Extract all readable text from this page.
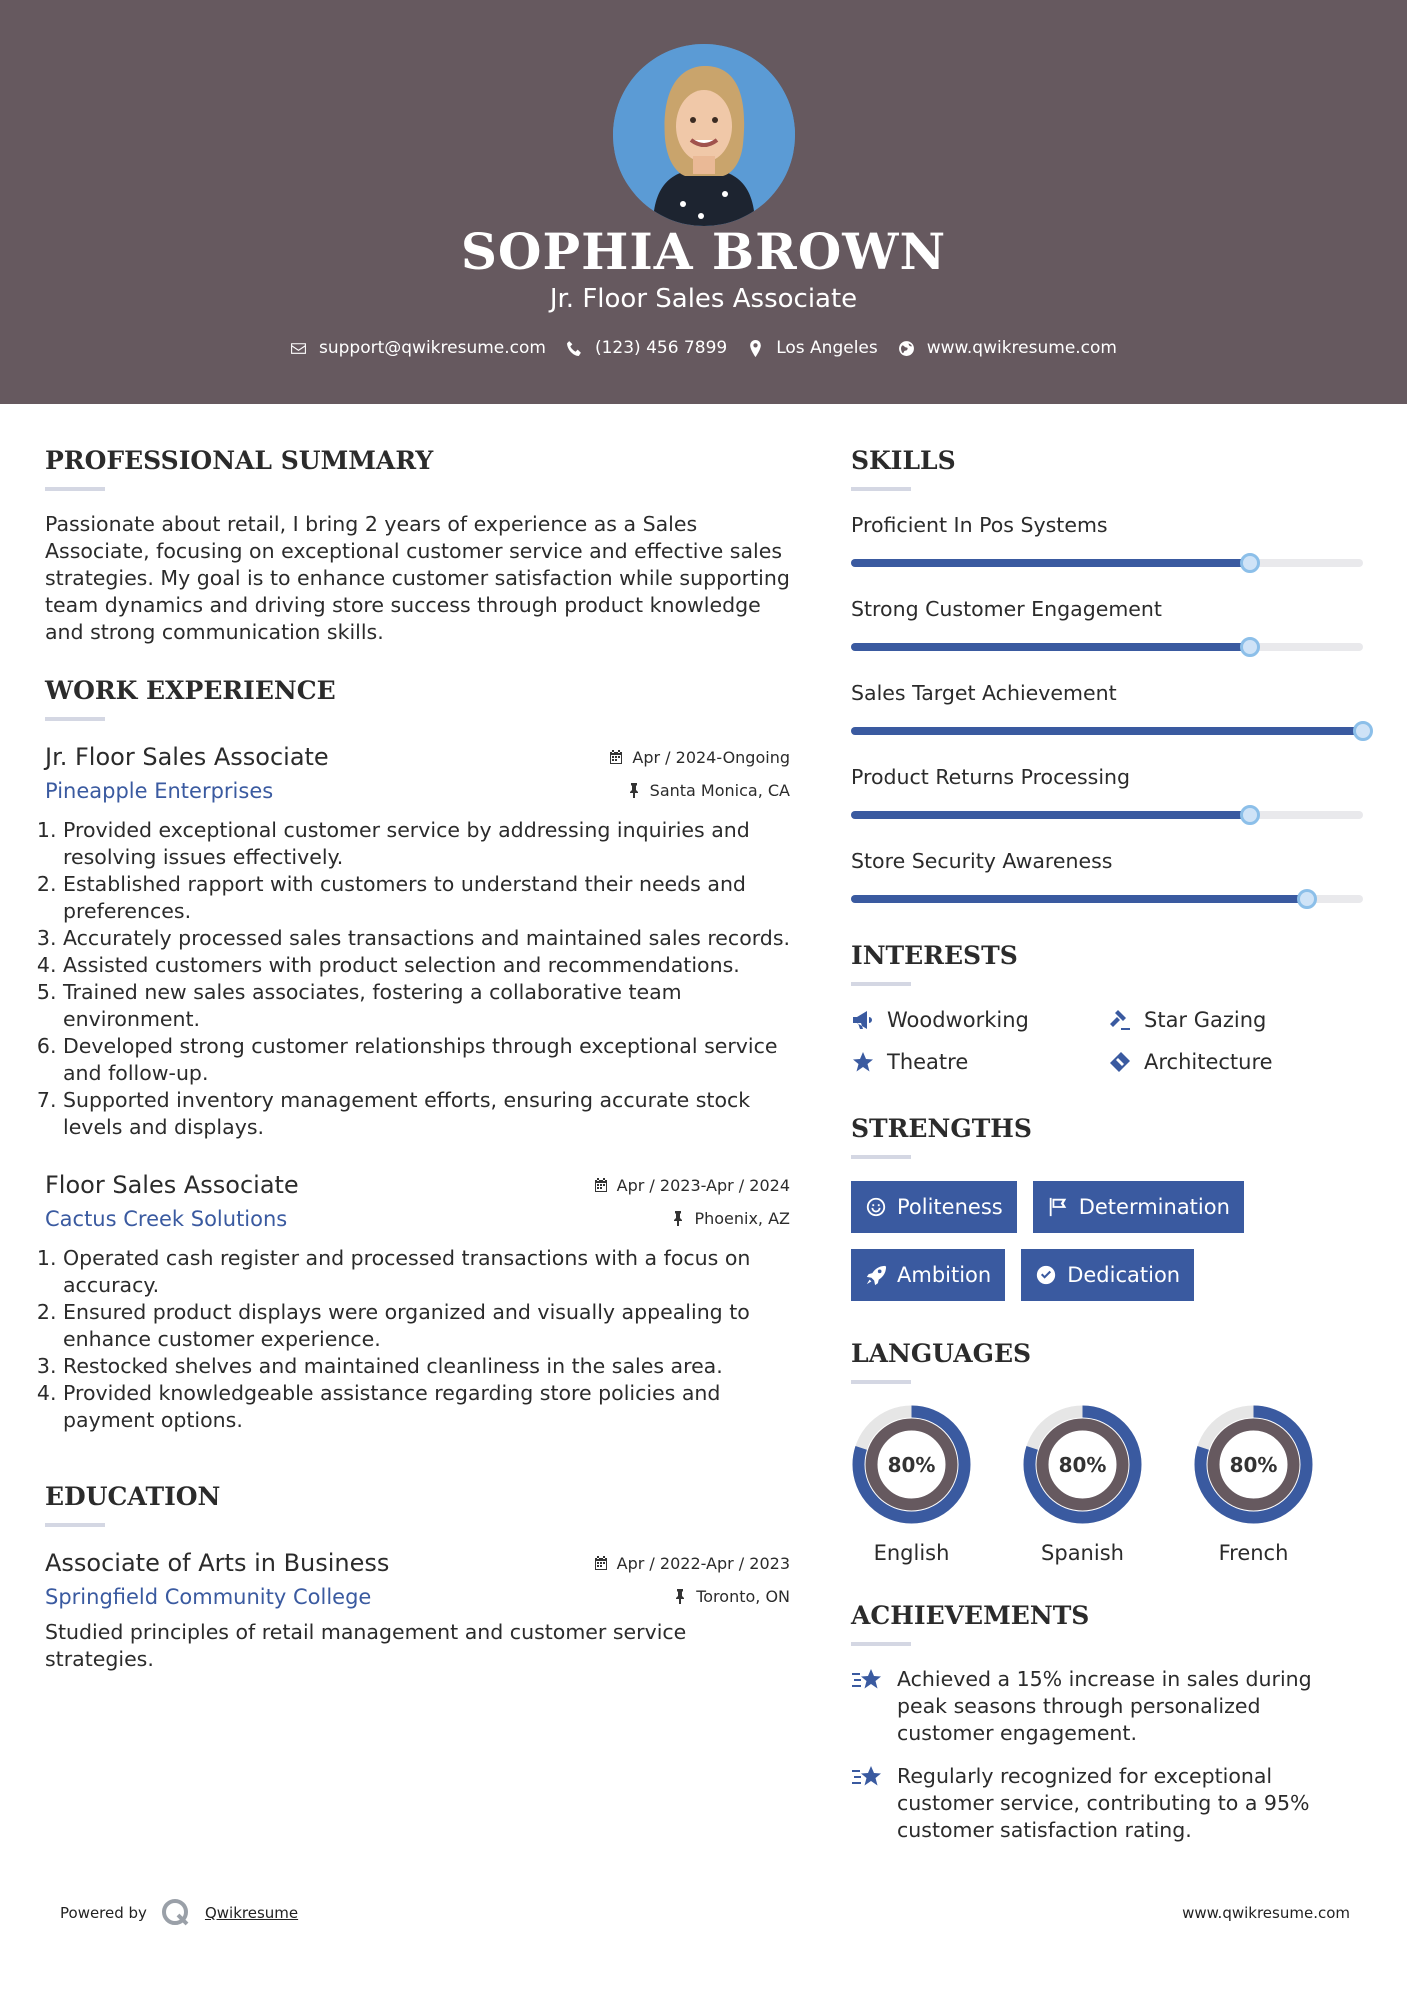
SOPHIA BROWN
Jr. Floor Sales Associate
support@qwikresume.com	(123) 456 7899	Los Angeles	www.qwikresume.com
PROFESSIONAL SUMMARY

Passionate about retail, I bring 2 years of experience as a Sales Associate, focusing on exceptional customer service and effective sales strategies. My goal is to enhance customer satisfaction while supporting team dynamics and driving store success through product knowledge and strong communication skills.

WORK EXPERIENCE
Jr. Floor Sales Associate	Apr / 2024-Ongoing
Pineapple Enterprises	Santa Monica, CA
1. Provided exceptional customer service by addressing inquiries and resolving issues effectively.
2. Established rapport with customers to understand their needs and preferences.
3. Accurately processed sales transactions and maintained sales records.
4. Assisted customers with product selection and recommendations.
5. Trained new sales associates, fostering a collaborative team environment.
6. Developed strong customer relationships through exceptional service and follow-up.
7. Supported inventory management efforts, ensuring accurate stock levels and displays.
Floor Sales Associate	Apr / 2023-Apr / 2024
Cactus Creek Solutions	Phoenix, AZ
1. Operated cash register and processed transactions with a focus on accuracy.
2. Ensured product displays were organized and visually appealing to enhance customer experience.
3. Restocked shelves and maintained cleanliness in the sales area.
4. Provided knowledgeable assistance regarding store policies and payment options.
EDUCATION
Associate of Arts in Business	Apr / 2022-Apr / 2023
Springfield Community College	Toronto, ON

Studied principles of retail management and customer service strategies.

SKILLS
Proficient In Pos Systems
Strong Customer Engagement
Sales Target Achievement
Product Returns Processing
Store Security Awareness
INTERESTS
Woodworking	Star Gazing
Theatre	Architecture
STRENGTHS
Politeness	Determination
Ambition	Dedication
LANGUAGES
80%
English
80%
Spanish
80%
French
ACHIEVEMENTS
Achieved a 15% increase in sales during peak seasons through personalized customer engagement.
Regularly recognized for exceptional customer service, contributing to a 95% customer satisfaction rating.
Powered by	Qwikresume	www.qwikresume.com
